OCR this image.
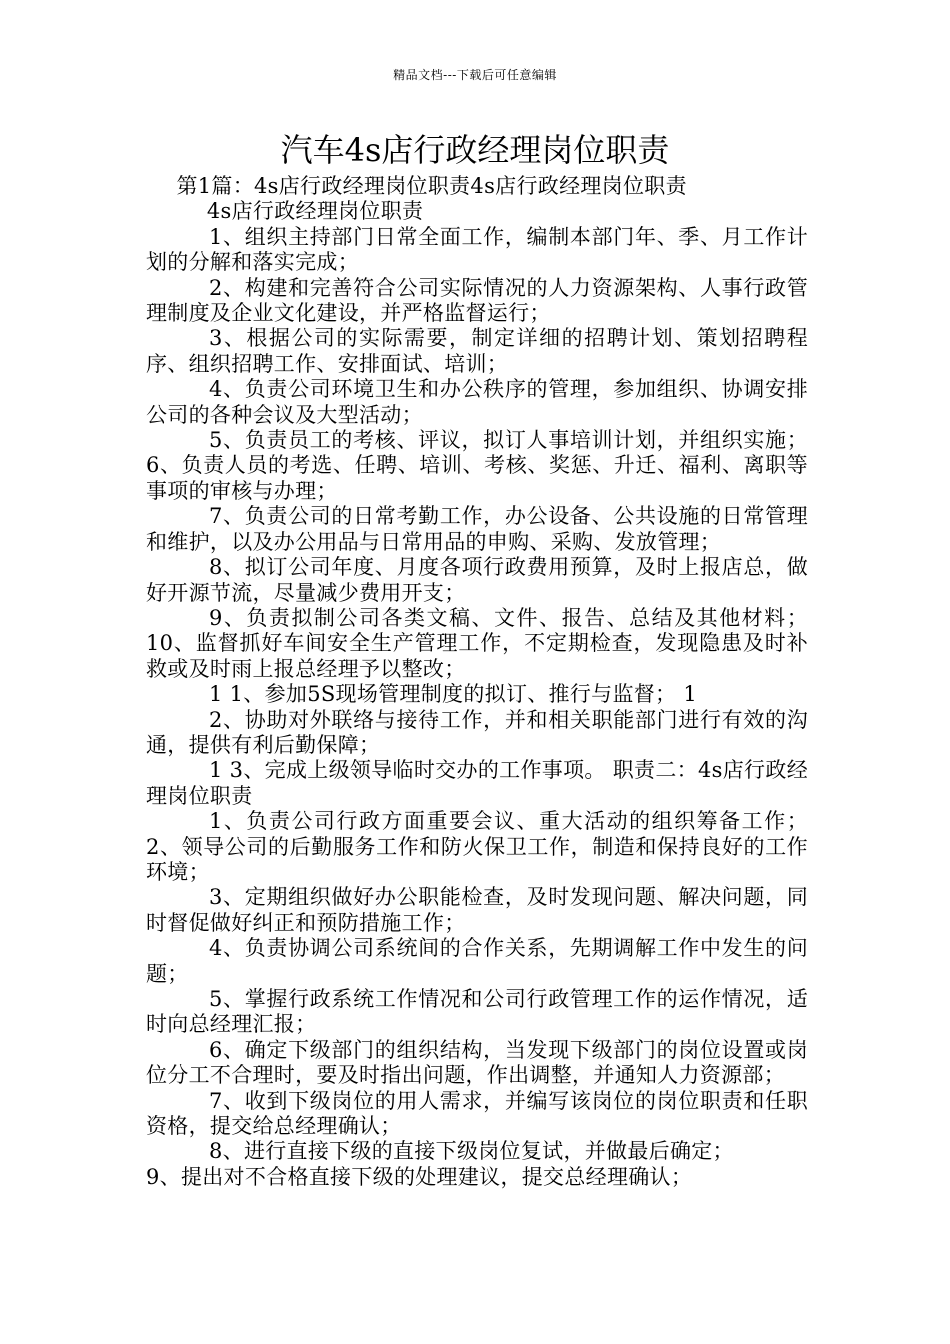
精品文档---下载后可任意编辑
汽车4s店行政经理岗位职责

第1篇：4s店行政经理岗位职责4s店行政经理岗位职责

4s店行政经理岗位职责

1、组织主持部门日常全面工作，编制本部门年、季、月工作计划的分解和落实完成；

2、构建和完善符合公司实际情况的人力资源架构、人事行政管理制度及企业文化建设，并严格监督运行；

3、根据公司的实际需要，制定详细的招聘计划、策划招聘程序、组织招聘工作、安排面试、培训；

4、负责公司环境卫生和办公秩序的管理，参加组织、协调安排公司的各种会议及大型活动；

5、负责员工的考核、评议，拟订人事培训计划，并组织实施； 6、负责人员的考选、任聘、培训、考核、奖惩、升迁、福利、离职等事项的审核与办理；

7、负责公司的日常考勤工作，办公设备、公共设施的日常管理和维护，以及办公用品与日常用品的申购、采购、发放管理；

8、拟订公司年度、月度各项行政费用预算，及时上报店总，做好开源节流，尽量减少费用开支；

9、负责拟制公司各类文稿、文件、报告、总结及其他材料； 10、监督抓好车间安全生产管理工作，不定期检查，发现隐患及时补救或及时雨上报总经理予以整改；

1 1、参加5S现场管理制度的拟订、推行与监督； 1

2、协助对外联络与接待工作，并和相关职能部门进行有效的沟通，提供有利后勤保障；

1 3、完成上级领导临时交办的工作事项。 职责二：4s店行政经理岗位职责

1、负责公司行政方面重要会议、重大活动的组织筹备工作； 2、领导公司的后勤服务工作和防火保卫工作，制造和保持良好的工作环境；

3、定期组织做好办公职能检查，及时发现问题、解决问题，同时督促做好纠正和预防措施工作；

4、负责协调公司系统间的合作关系，先期调解工作中发生的问题；

5、掌握行政系统工作情况和公司行政管理工作的运作情况，适时向总经理汇报；

6、确定下级部门的组织结构，当发现下级部门的岗位设置或岗位分工不合理时，要及时指出问题，作出调整，并通知人力资源部；

7、收到下级岗位的用人需求，并编写该岗位的岗位职责和任职资格，提交给总经理确认；

8、进行直接下级的直接下级岗位复试，并做最后确定；

9、提出对不合格直接下级的处理建议，提交总经理确认；
